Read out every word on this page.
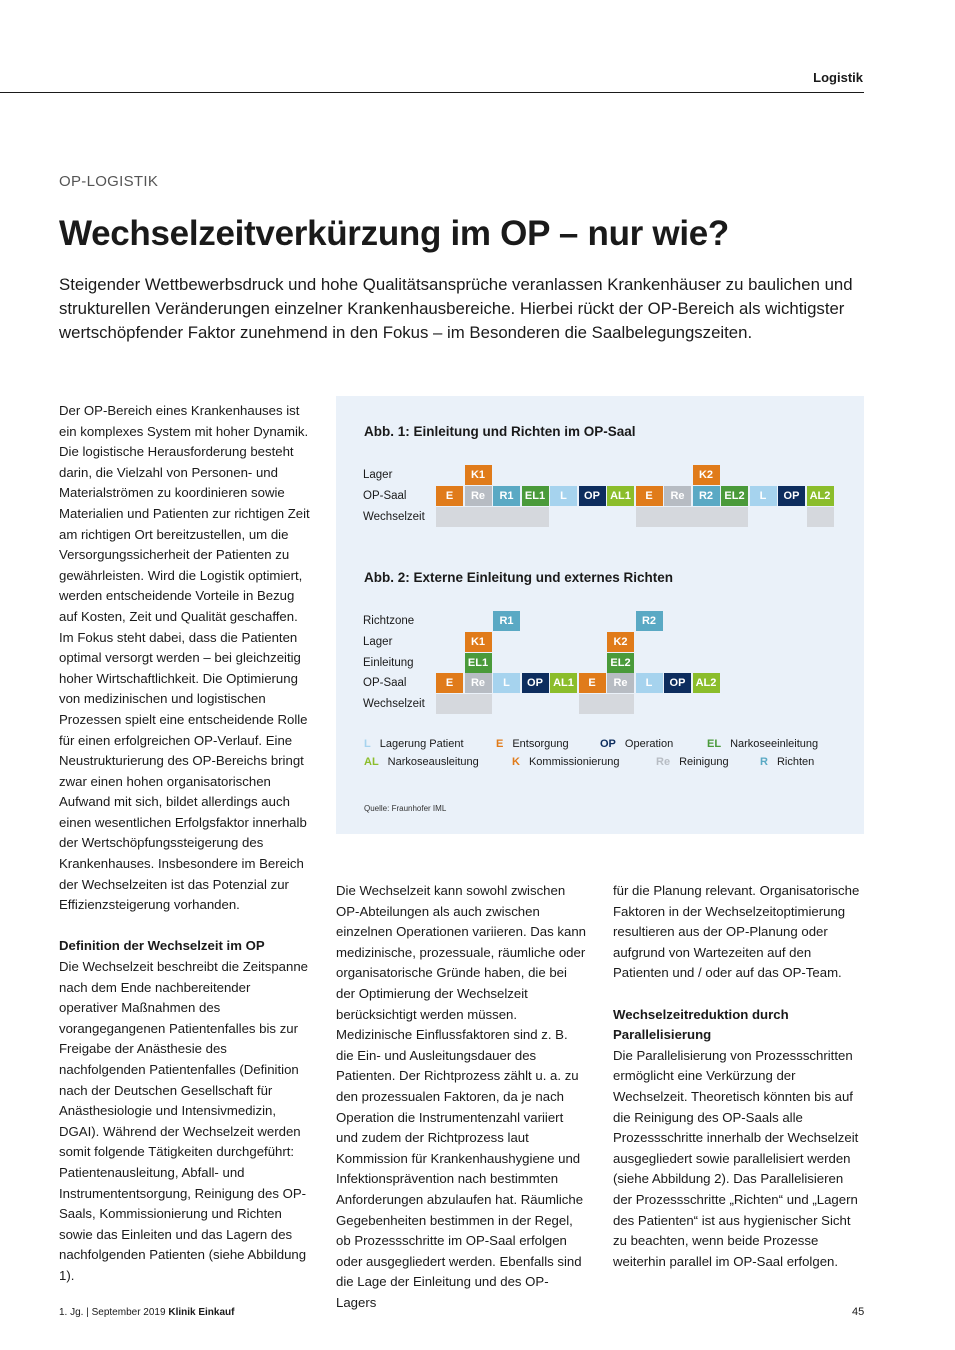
Logistik
OP-LOGISTIK
Wechselzeitverkürzung im OP – nur wie?

Steigender Wettbewerbsdruck und hohe Qualitätsansprüche veranlassen Krankenhäuser zu baulichen und strukturellen Veränderungen einzelner Krankenhausbereiche. Hierbei rückt der OP-Bereich als wichtigster wertschöpfender Faktor zunehmend in den Fokus – im Besonderen die Saalbelegungszeiten.

Der OP-Bereich eines Krankenhauses ist ein komplexes System mit hoher Dynamik. Die logistische Herausforderung besteht darin, die Vielzahl von Personen- und Materialströmen zu koordinieren sowie Materialien und Patienten zur richtigen Zeit am richtigen Ort bereitzustellen, um die Versorgungssicherheit der Patienten zu gewährleisten. Wird die Logistik optimiert, werden entscheidende Vorteile in Bezug auf Kosten, Zeit und Qualität geschaffen. Im Fokus steht dabei, dass die Patienten optimal versorgt werden – bei gleichzeitig hoher Wirtschaftlichkeit. Die Optimierung von medizinischen und logistischen Prozessen spielt eine entscheidende Rolle für einen erfolgreichen OP-Verlauf. Eine Neustrukturierung des OP-Bereichs bringt zwar einen hohen organisatorischen Aufwand mit sich, bildet allerdings auch einen wesentlichen Erfolgsfaktor innerhalb der Wertschöpfungssteigerung des Krankenhauses. Insbesondere im Bereich der Wechselzeiten ist das Potenzial zur Effizienzsteigerung vorhanden.

Definition der Wechselzeit im OP

Die Wechselzeit beschreibt die Zeitspanne nach dem Ende nachbereitender operativer Maßnahmen des vorangegangenen Patientenfalles bis zur Freigabe der Anästhesie des nachfolgenden Patientenfalles (Definition nach der Deutschen Gesellschaft für Anästhesiologie und Intensivmedizin, DGAI). Während der Wechselzeit werden somit folgende Tätigkeiten durchgeführt: Patientenausleitung, Abfall- und Instrumententsorgung, Reinigung des OP-Saals, Kommissionierung und Richten sowie das Einleiten und das Lagern des nachfolgenden Patienten (siehe Abbildung 1).

Abb. 1: Einleitung und Richten im OP-Saal
Abb. 2: Externe Einleitung und externes Richten
L Lagerung Patient	E Entsorgung	OP Operation	EL Narkoseeinleitung
AL Narkoseausleitung	K Kommissionierung	Re Reinigung	R Richten
Quelle: Fraunhofer IML
Lager
OP-Saal
Wechselzeit
K1	K2
E	Re	R1	EL1	L	OP AL1	E	Re	R2	EL2	L	OP AL2
Richtzone
Lager
Einleitung
OP-Saal
Wechselzeit
R1	R2
K1	K2
EL1	EL2
E	Re	L	OP AL1	E	Re	L	OP AL2

Die Wechselzeit kann sowohl zwischen OP-Abteilungen als auch zwischen einzelnen Operationen variieren. Das kann medizinische, prozessuale, räumliche oder organisatorische Gründe haben, die bei der Optimierung der Wechselzeit berücksichtigt werden müssen. Medizinische Einflussfaktoren sind z. B. die Ein- und Ausleitungsdauer des Patienten. Der Richtprozess zählt u. a. zu den prozessualen Faktoren, da je nach Operation die Instrumentenzahl variiert und zudem der Richtprozess laut Kommission für Krankenhaushygiene und Infektionsprävention nach bestimmten Anforderungen abzulaufen hat. Räumliche Gegebenheiten bestimmen in der Regel, ob Prozessschritte im OP-Saal erfolgen oder ausgegliedert werden. Ebenfalls sind die Lage der Einleitung und des OP-Lagers

für die Planung relevant. Organisatorische Faktoren in der Wechselzeitoptimierung resultieren aus der OP-Planung oder aufgrund von Wartezeiten auf den Patienten und / oder auf das OP-Team.

Wechselzeitreduktion durch Parallelisierung

Die Parallelisierung von Prozessschritten ermöglicht eine Verkürzung der Wechselzeit. Theoretisch könnten bis auf die Reinigung des OP-Saals alle Prozessschritte innerhalb der Wechselzeit ausgegliedert sowie parallelisiert werden (siehe Abbildung 2). Das Parallelisieren der Prozessschritte „Richten“ und „Lagern des Patienten“ ist aus hygienischer Sicht zu beachten, wenn beide Prozesse weiterhin parallel im OP-Saal erfolgen.

1. Jg. | September 2019 Klinik Einkauf	45
